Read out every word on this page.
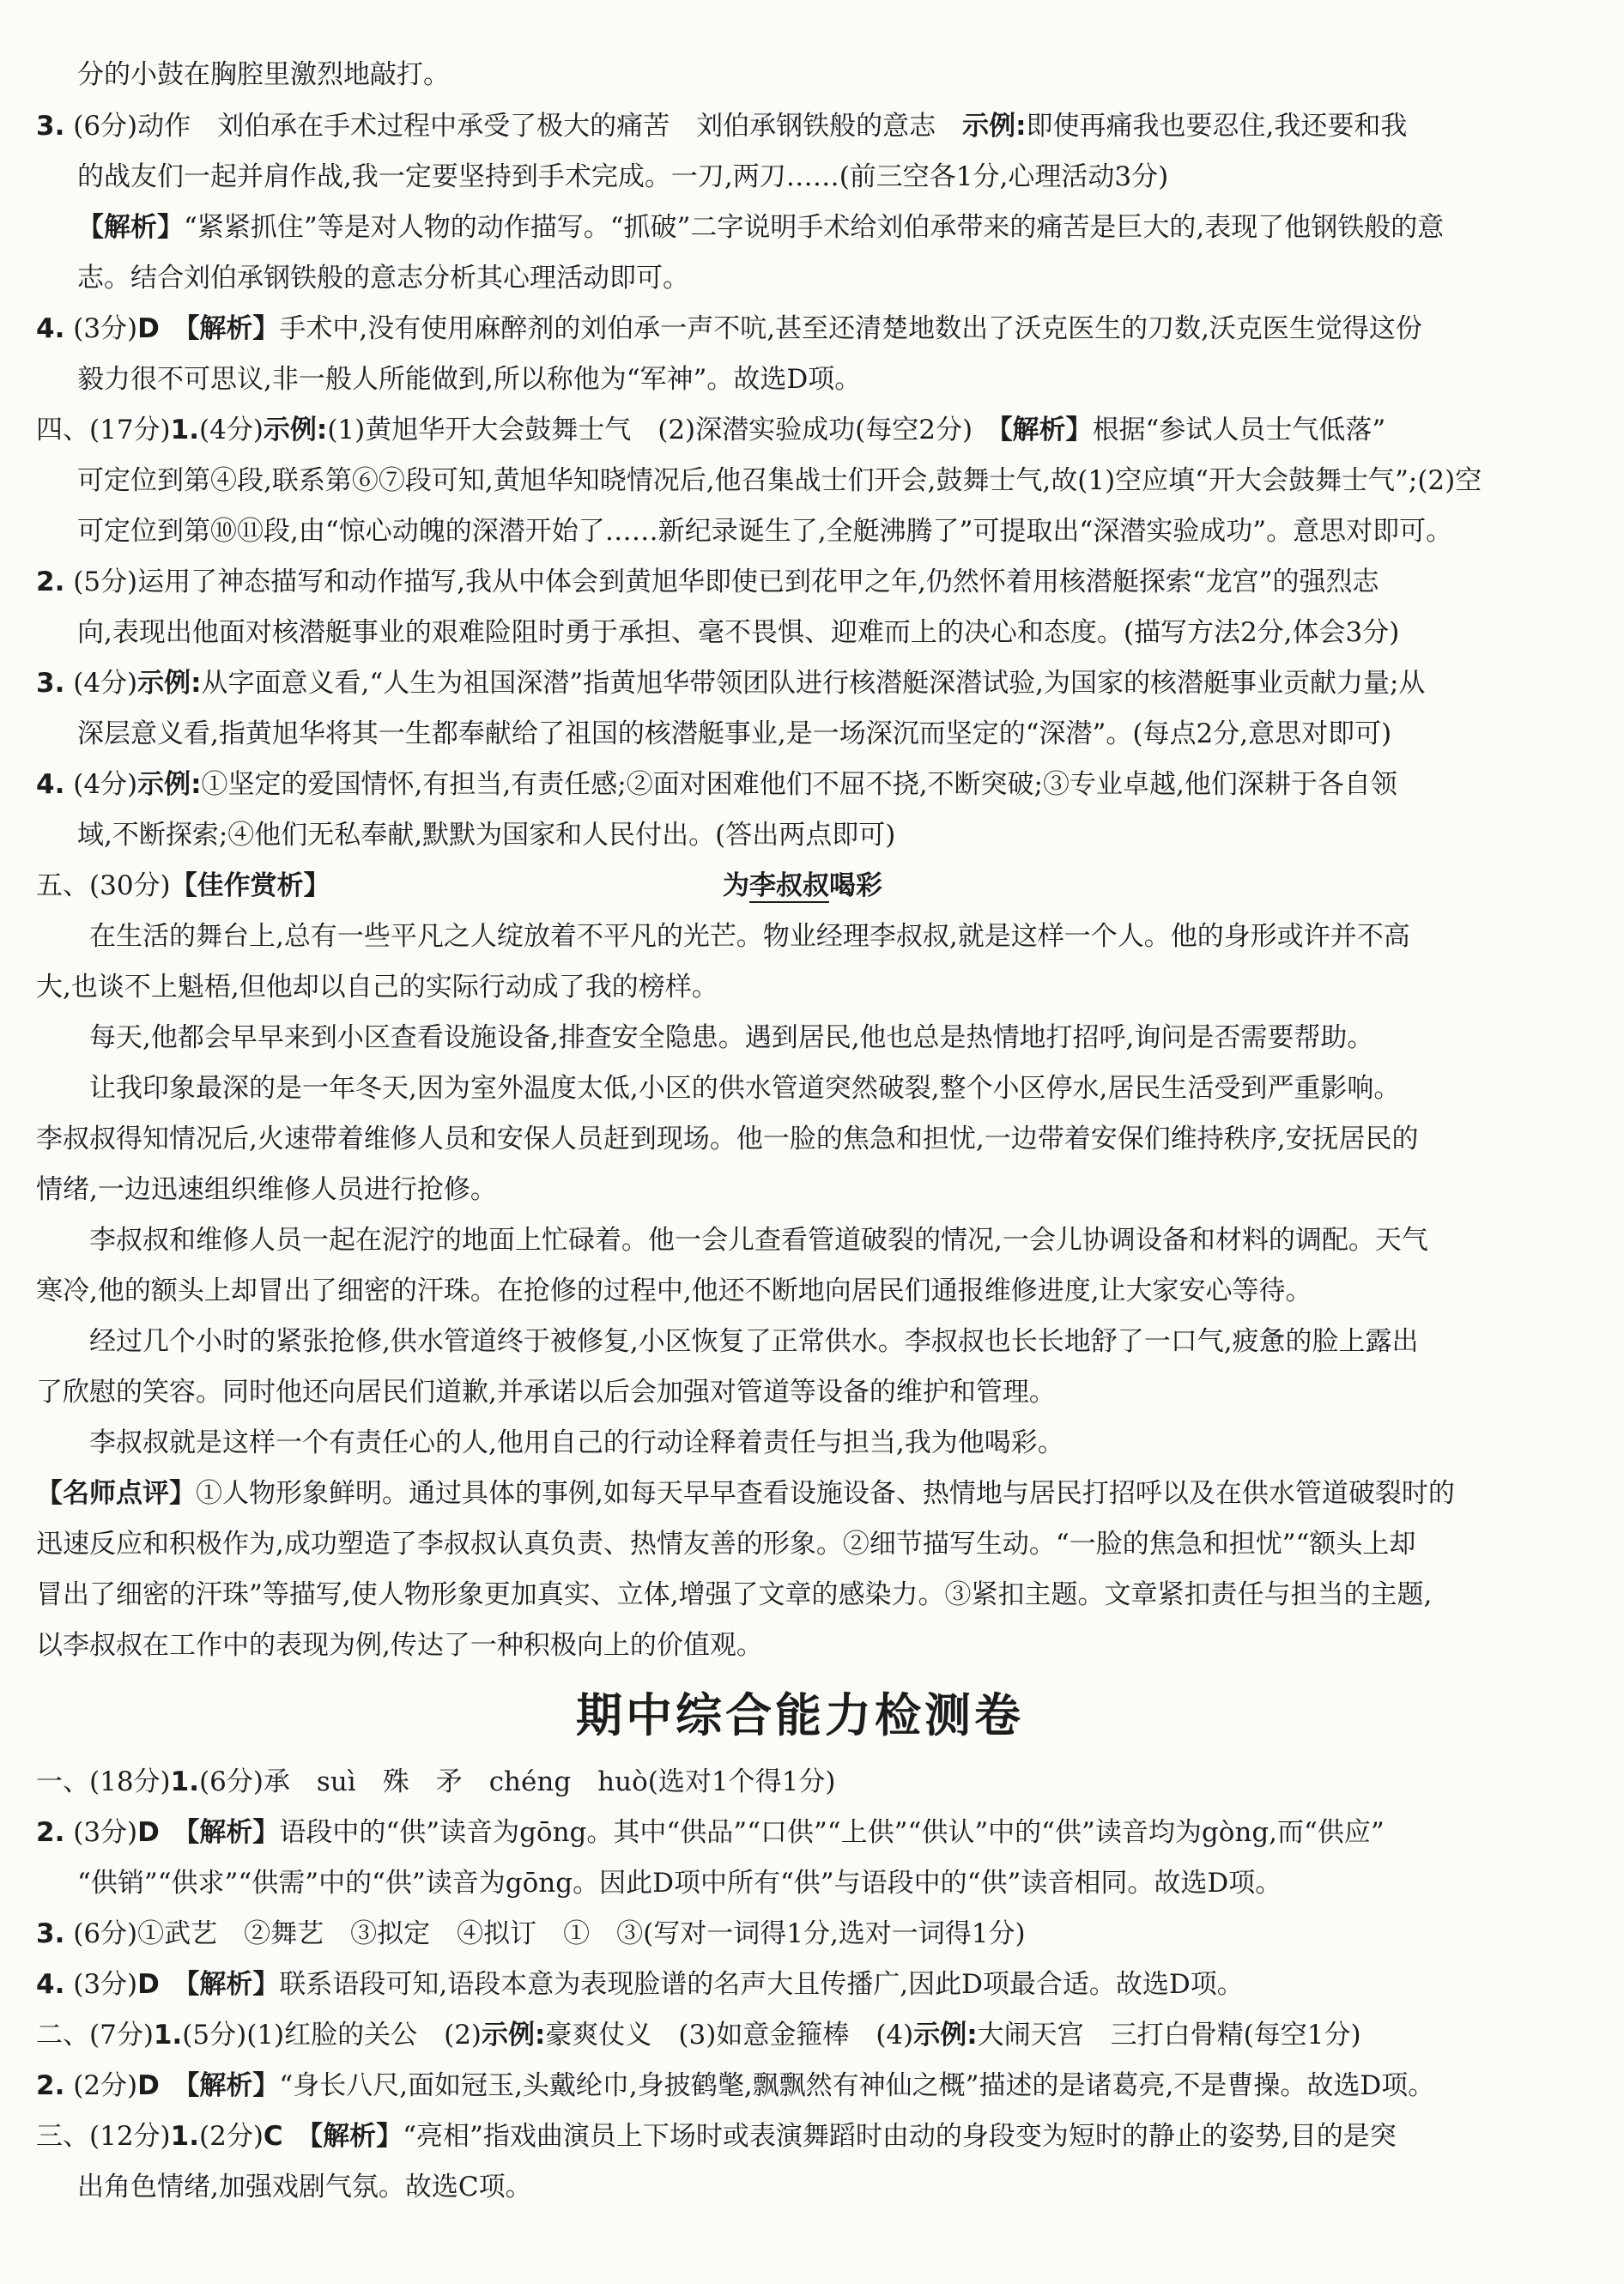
分的小鼓在胸腔里激烈地敲打。

3. (6分)动作　刘伯承在手术过程中承受了极大的痛苦　刘伯承钢铁般的意志　示例:即使再痛我也要忍住,我还要和我

的战友们一起并肩作战,我一定要坚持到手术完成。一刀,两刀……(前三空各1分,心理活动3分)

【解析】“紧紧抓住”等是对人物的动作描写。“抓破”二字说明手术给刘伯承带来的痛苦是巨大的,表现了他钢铁般的意

志。结合刘伯承钢铁般的意志分析其心理活动即可。

4. (3分)D　【解析】手术中,没有使用麻醉剂的刘伯承一声不吭,甚至还清楚地数出了沃克医生的刀数,沃克医生觉得这份

毅力很不可思议,非一般人所能做到,所以称他为“军神”。故选D项。

四、(17分)1.(4分)示例:(1)黄旭华开大会鼓舞士气　(2)深潜实验成功(每空2分)　【解析】根据“参试人员士气低落”

可定位到第④段,联系第⑥⑦段可知,黄旭华知晓情况后,他召集战士们开会,鼓舞士气,故(1)空应填“开大会鼓舞士气”;(2)空

可定位到第⑩⑪段,由“惊心动魄的深潜开始了……新纪录诞生了,全艇沸腾了”可提取出“深潜实验成功”。意思对即可。

2. (5分)运用了神态描写和动作描写,我从中体会到黄旭华即使已到花甲之年,仍然怀着用核潜艇探索“龙宫”的强烈志

向,表现出他面对核潜艇事业的艰难险阻时勇于承担、毫不畏惧、迎难而上的决心和态度。(描写方法2分,体会3分)

3. (4分)示例:从字面意义看,“人生为祖国深潜”指黄旭华带领团队进行核潜艇深潜试验,为国家的核潜艇事业贡献力量;从

深层意义看,指黄旭华将其一生都奉献给了祖国的核潜艇事业,是一场深沉而坚定的“深潜”。(每点2分,意思对即可)

4. (4分)示例:①坚定的爱国情怀,有担当,有责任感;②面对困难他们不屈不挠,不断突破;③专业卓越,他们深耕于各自领

域,不断探索;④他们无私奉献,默默为国家和人民付出。(答出两点即可)

五、(30分)【佳作赏析】	为李叔叔喝彩

在生活的舞台上,总有一些平凡之人绽放着不平凡的光芒。物业经理李叔叔,就是这样一个人。他的身形或许并不高

大,也谈不上魁梧,但他却以自己的实际行动成了我的榜样。

每天,他都会早早来到小区查看设施设备,排查安全隐患。遇到居民,他也总是热情地打招呼,询问是否需要帮助。

让我印象最深的是一年冬天,因为室外温度太低,小区的供水管道突然破裂,整个小区停水,居民生活受到严重影响。

李叔叔得知情况后,火速带着维修人员和安保人员赶到现场。他一脸的焦急和担忧,一边带着安保们维持秩序,安抚居民的

情绪,一边迅速组织维修人员进行抢修。

李叔叔和维修人员一起在泥泞的地面上忙碌着。他一会儿查看管道破裂的情况,一会儿协调设备和材料的调配。天气

寒冷,他的额头上却冒出了细密的汗珠。在抢修的过程中,他还不断地向居民们通报维修进度,让大家安心等待。

经过几个小时的紧张抢修,供水管道终于被修复,小区恢复了正常供水。李叔叔也长长地舒了一口气,疲惫的脸上露出

了欣慰的笑容。同时他还向居民们道歉,并承诺以后会加强对管道等设备的维护和管理。

李叔叔就是这样一个有责任心的人,他用自己的行动诠释着责任与担当,我为他喝彩。

【名师点评】①人物形象鲜明。通过具体的事例,如每天早早查看设施设备、热情地与居民打招呼以及在供水管道破裂时的

迅速反应和积极作为,成功塑造了李叔叔认真负责、热情友善的形象。②细节描写生动。“一脸的焦急和担忧”“额头上却

冒出了细密的汗珠”等描写,使人物形象更加真实、立体,增强了文章的感染力。③紧扣主题。文章紧扣责任与担当的主题,

以李叔叔在工作中的表现为例,传达了一种积极向上的价值观。

期中综合能力检测卷

一、(18分)1.(6分)承　suì　殊　矛　chéng　huò(选对1个得1分)

2. (3分)D　【解析】语段中的“供”读音为gōng。其中“供品”“口供”“上供”“供认”中的“供”读音均为gòng,而“供应”

“供销”“供求”“供需”中的“供”读音为gōng。因此D项中所有“供”与语段中的“供”读音相同。故选D项。

3. (6分)①武艺　②舞艺　③拟定　④拟订　①　③(写对一词得1分,选对一词得1分)

4. (3分)D　【解析】联系语段可知,语段本意为表现脸谱的名声大且传播广,因此D项最合适。故选D项。

二、(7分)1.(5分)(1)红脸的关公　(2)示例:豪爽仗义　(3)如意金箍棒　(4)示例:大闹天宫　三打白骨精(每空1分)

2. (2分)D　【解析】“身长八尺,面如冠玉,头戴纶巾,身披鹤氅,飘飘然有神仙之概”描述的是诸葛亮,不是曹操。故选D项。

三、(12分)1.(2分)C　【解析】“亮相”指戏曲演员上下场时或表演舞蹈时由动的身段变为短时的静止的姿势,目的是突

出角色情绪,加强戏剧气氛。故选C项。
